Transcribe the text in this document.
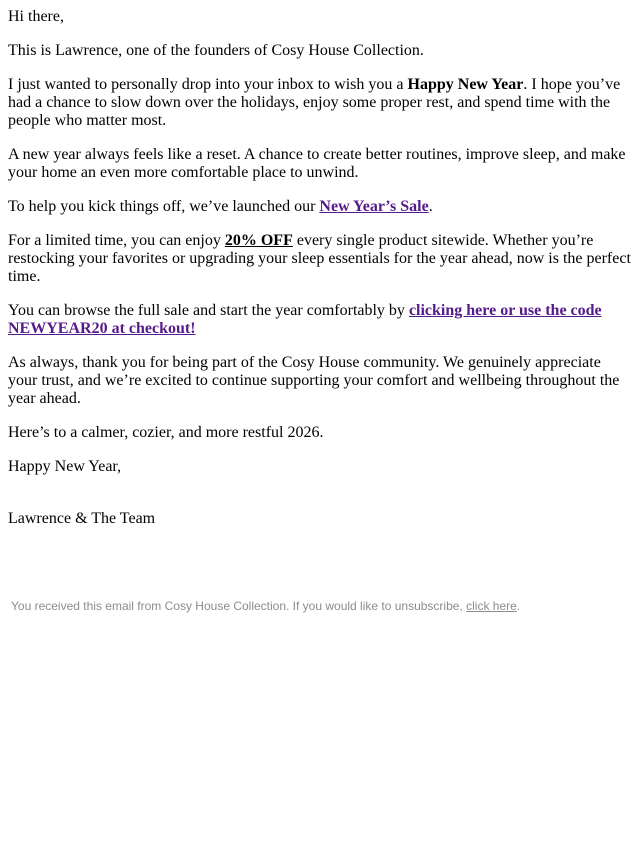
Hi there,

This is Lawrence, one of the founders of Cosy House Collection.

I just wanted to personally drop into your inbox to wish you a Happy New Year. I hope you’ve had a chance to slow down over the holidays, enjoy some proper rest, and spend time with the people who matter most.

A new year always feels like a reset. A chance to create better routines, improve sleep, and make your home an even more comfortable place to unwind.

To help you kick things off, we’ve launched our New Year’s Sale.

For a limited time, you can enjoy 20% OFF every single product sitewide. Whether you’re restocking your favorites or upgrading your sleep essentials for the year ahead, now is the perfect time.

You can browse the full sale and start the year comfortably by clicking here or use the code NEWYEAR20 at checkout!

As always, thank you for being part of the Cosy House community. We genuinely appreciate your trust, and we’re excited to continue supporting your comfort and wellbeing throughout the year ahead.

Here’s to a calmer, cozier, and more restful 2026.

Happy New Year,

Lawrence & The Team

You received this email from Cosy House Collection. If you would like to unsubscribe, click here.
